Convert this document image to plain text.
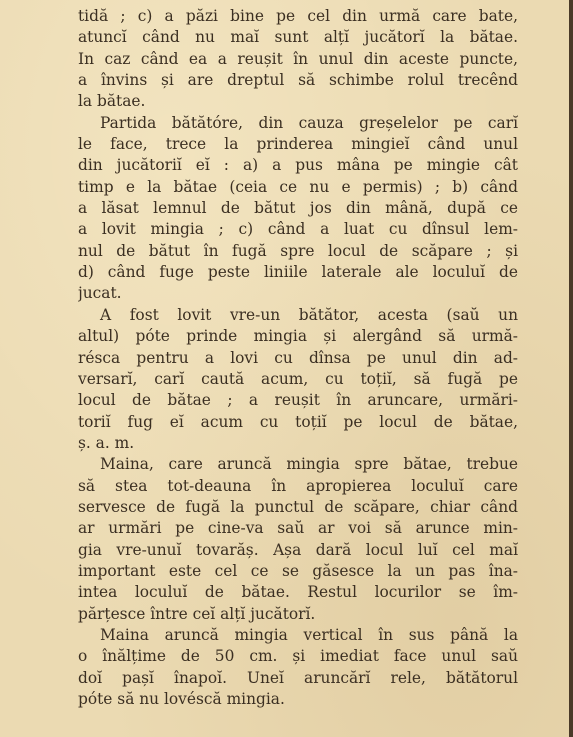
tidă ; c) a păzi bine pe cel din urmă care bate,
atuncĭ când nu maĭ sunt alțĭ jucătorĭ la bătae.
In caz când ea a reușit în unul din aceste puncte,
a învins și are dreptul să schimbe rolul trecênd
la bătae.
Partida bătătóre, din cauza greșelelor pe carĭ
le face, trece la prinderea mingieĭ când unul
din jucătoriĭ eĭ : a) a pus mâna pe mingie cât
timp e la bătae (ceia ce nu e permis) ; b) când
a lăsat lemnul de bătut jos din mână, după ce
a lovit mingia ; c) când a luat cu dînsul lem-
nul de bătut în fugă spre locul de scăpare ; și
d) când fuge peste liniile laterale ale loculuĭ de
jucat.
A fost lovit vre-un bătător, acesta (saŭ un
altul) póte prinde mingia și alergând să urmă-
résca pentru a lovi cu dînsa pe unul din ad-
versarĭ, carĭ caută acum, cu toțiĭ, să fugă pe
locul de bătae ; a reușit în aruncare, urmări-
toriĭ fug eĭ acum cu toțiĭ pe locul de bătae,
ș. a. m.
Maina, care aruncă mingia spre bătae, trebue
să stea tot-deauna în apropierea loculuĭ care
servesce de fugă la punctul de scăpare, chiar când
ar urmări pe cine-va saŭ ar voi să arunce min-
gia vre-unuĭ tovarăș. Așa dară locul luĭ cel maĭ
important este cel ce se găsesce la un pas îna-
intea loculuĭ de bătae. Restul locurilor se îm-
părțesce între ceĭ alțĭ jucătorĭ.
Maina aruncă mingia vertical în sus până la
o înălțime de 50 cm. și imediat face unul saŭ
doĭ pașĭ înapoĭ. Uneĭ aruncărĭ rele, bătătorul
póte să nu lovéscă mingia.
